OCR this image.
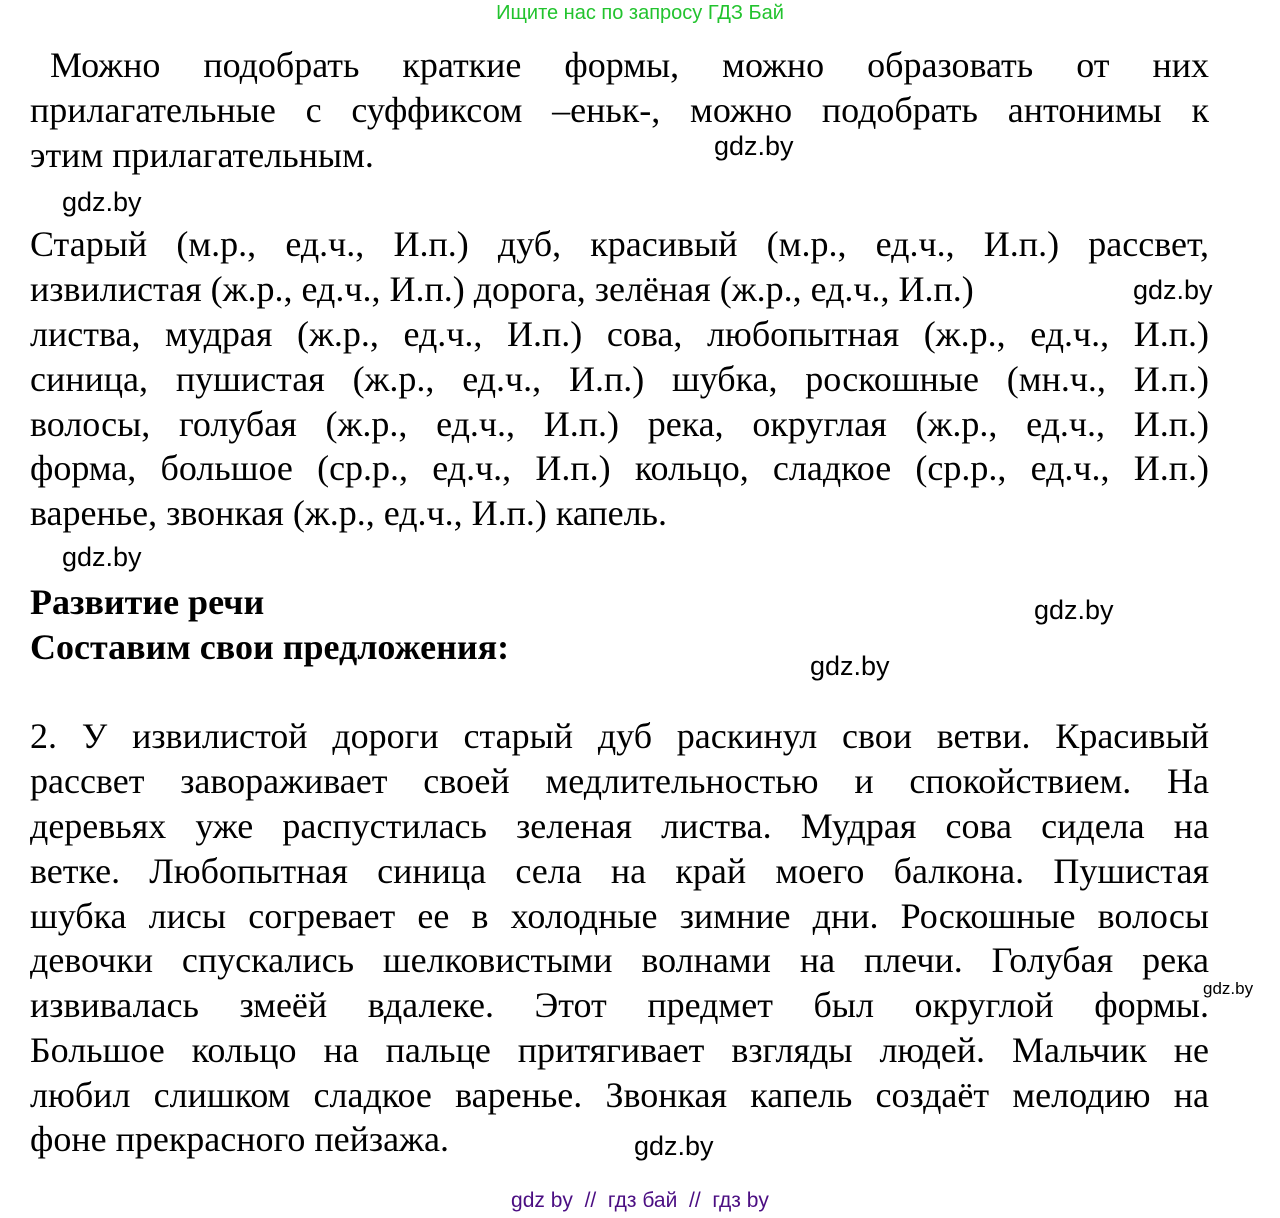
Ищите нас по запросу ГДЗ Бай
Можно подобрать краткие формы, можно образовать от них
прилагательные с суффиксом –еньк-, можно подобрать антонимы к
этим прилагательным.	gdz.by
gdz.by
Старый (м.р., ед.ч., И.п.) дуб, красивый (м.р., ед.ч., И.п.) рассвет,
извилистая (ж.р., ед.ч., И.п.) дорога, зелёная (ж.р., ед.ч., И.п.)	gdz.by
листва, мудрая (ж.р., ед.ч., И.п.) сова, любопытная (ж.р., ед.ч., И.п.)
синица, пушистая (ж.р., ед.ч., И.п.) шубка, роскошные (мн.ч., И.п.)
волосы, голубая (ж.р., ед.ч., И.п.) река, округлая (ж.р., ед.ч., И.п.)
форма, большое (ср.р., ед.ч., И.п.) кольцо, сладкое (ср.р., ед.ч., И.п.)
варенье, звонкая (ж.р., ед.ч., И.п.) капель.
gdz.by
Развитие речи	gdz.by
Составим свои предложения:	gdz.by
2. У извилистой дороги старый дуб раскинул свои ветви. Красивый
рассвет завораживает своей медлительностью и спокойствием. На
деревьях уже распустилась зеленая листва. Мудрая сова сидела на
ветке. Любопытная синица села на край моего балкона. Пушистая
шубка лисы согревает ее в холодные зимние дни. Роскошные волосы
девочки спускались шелковистыми волнами на плечи. Голубая река
gdz.by
извивалась змеёй вдалеке. Этот предмет был округлой формы.
Большое кольцо на пальце притягивает взгляды людей. Мальчик не
любил слишком сладкое варенье. Звонкая капель создаёт мелодию на
фоне прекрасного пейзажа.	gdz.by
gdz by  //  гдз бай  //  гдз by
